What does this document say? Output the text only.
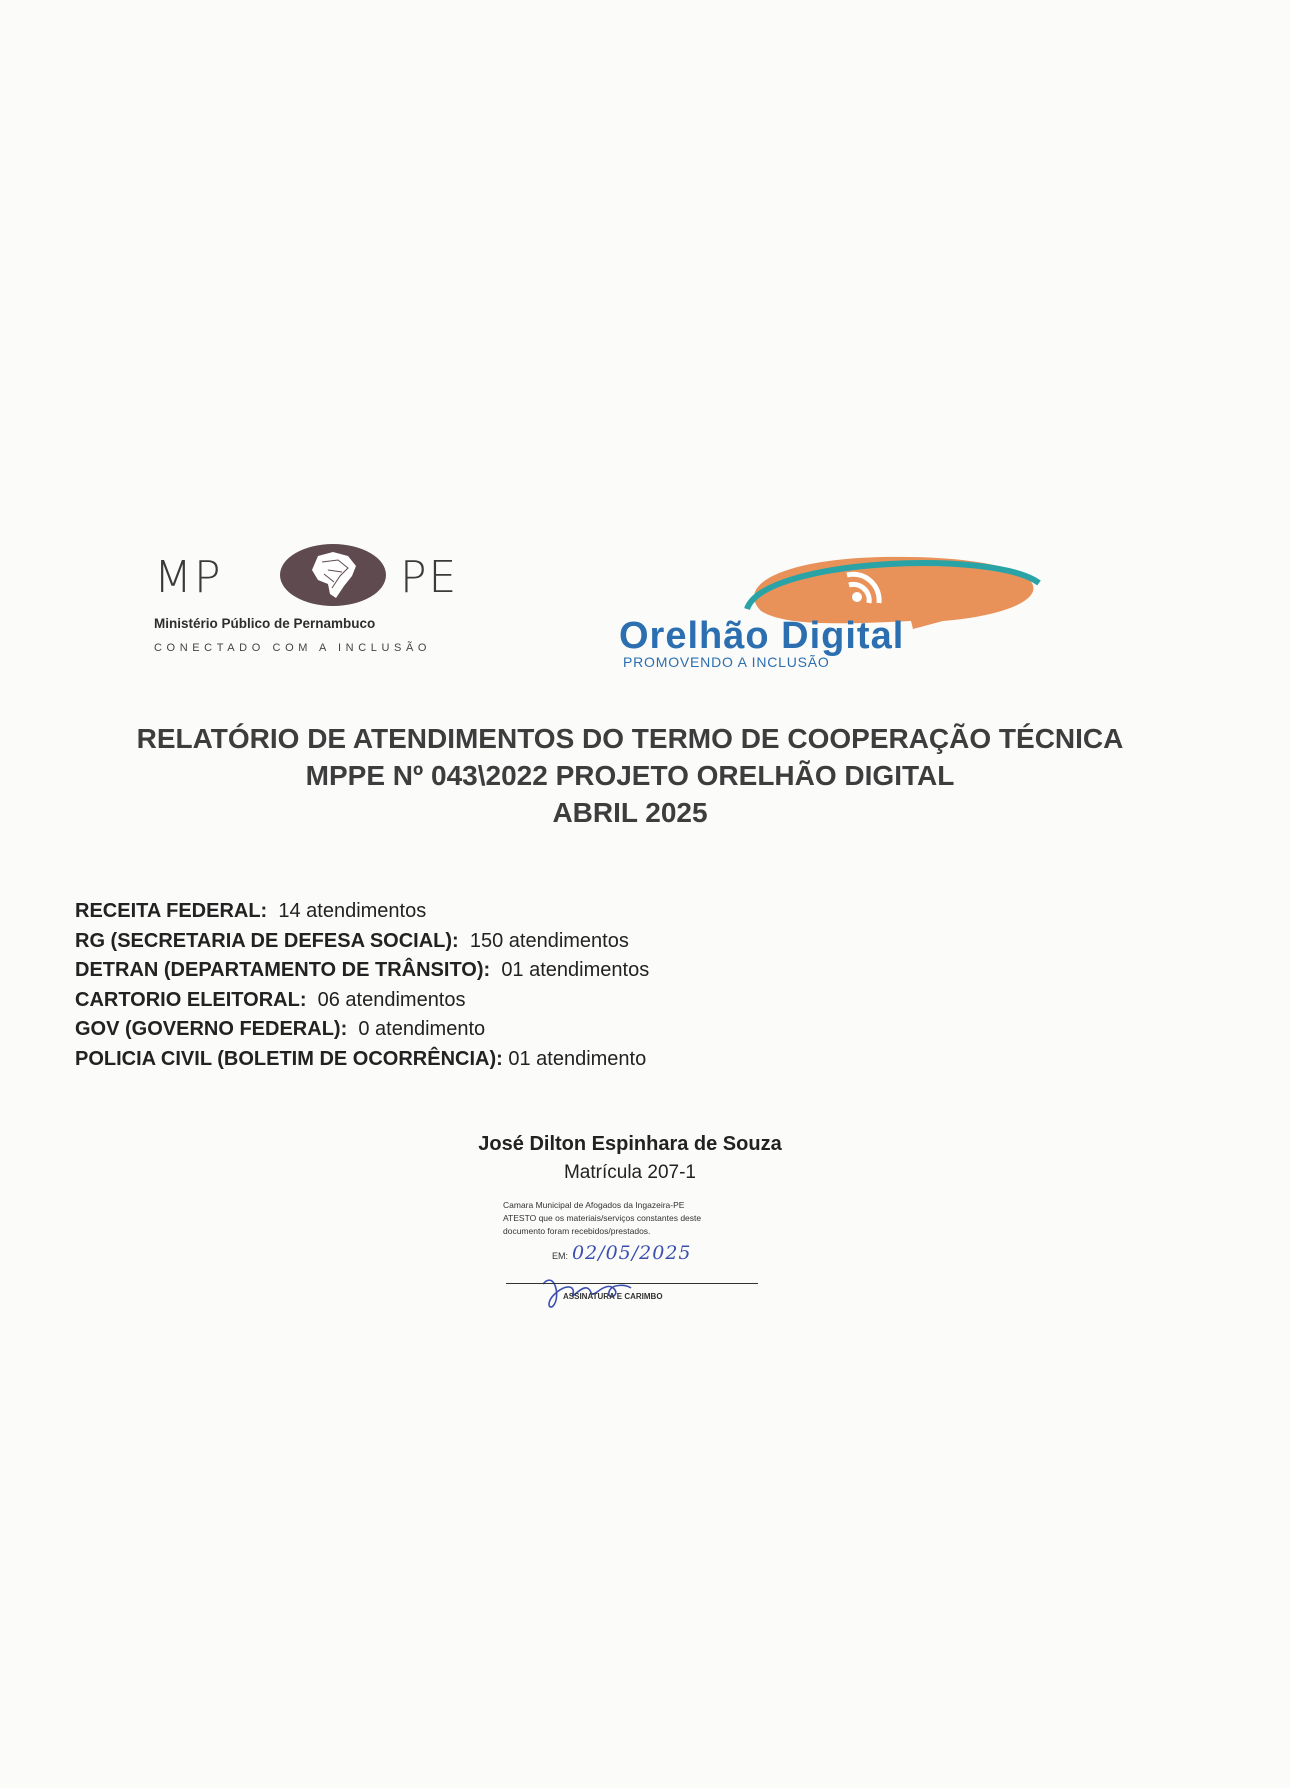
MP	PE
Ministério Público de Pernambuco
CONECTADO COM A INCLUSÃO	Orelhão Digital
PROMOVENDO A INCLUSÃO
RELATÓRIO DE ATENDIMENTOS DO TERMO DE COOPERAÇÃO TÉCNICA
MPPE Nº 043\2022 PROJETO ORELHÃO DIGITAL
ABRIL 2025
RECEITA FEDERAL: 14 atendimentos
RG (SECRETARIA DE DEFESA SOCIAL): 150 atendimentos
DETRAN (DEPARTAMENTO DE TRÂNSITO): 01 atendimentos
CARTORIO ELEITORAL: 06 atendimentos
GOV (GOVERNO FEDERAL): 0 atendimento
POLICIA CIVIL (BOLETIM DE OCORRÊNCIA): 01 atendimento
José Dilton Espinhara de Souza
Matrícula 207-1
Camara Municipal de Afogados da Ingazeira-PE
ATESTO que os materiais/serviços constantes deste
documento foram recebidos/prestados.
EM: 02/05/2025
ASSINATURA E CARIMBO
